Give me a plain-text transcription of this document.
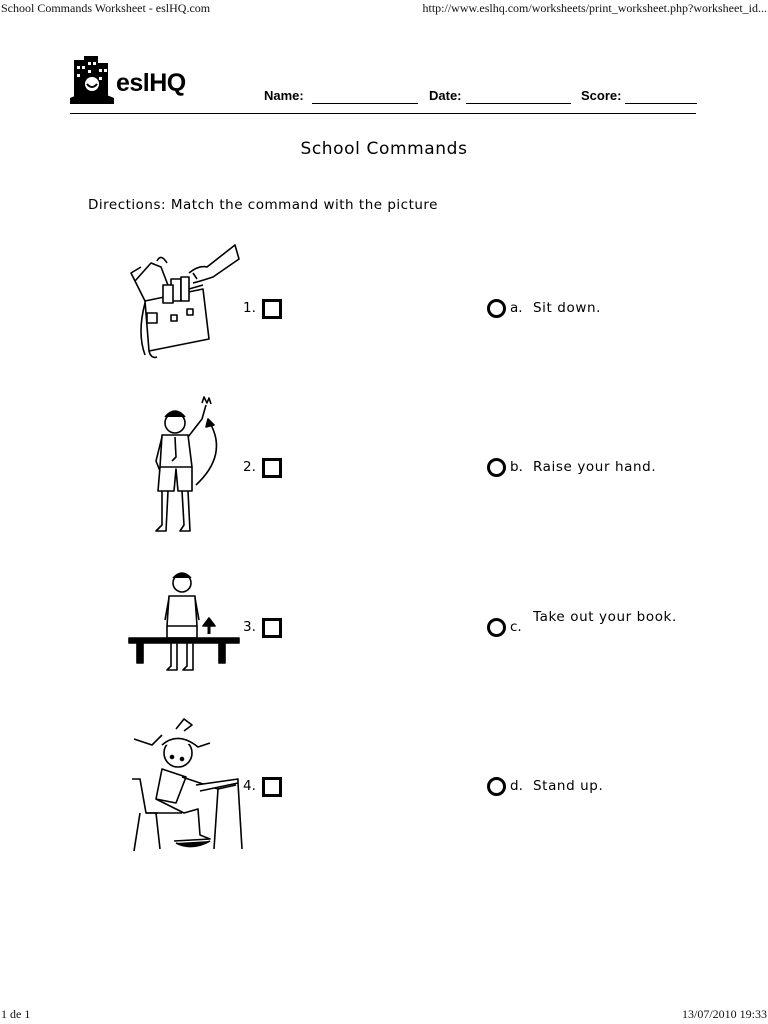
School Commands Worksheet - eslHQ.com	http://www.eslhq.com/worksheets/print_worksheet.php?worksheet_id...
eslHQ	Name:	Date:	Score:
School Commands
Directions: Match the command with the picture
1.
2.
3.
4.
a. Sit down.
b. Raise your hand.
c.
Take out your book.
d. Stand up.
1 de 1	13/07/2010 19:33
